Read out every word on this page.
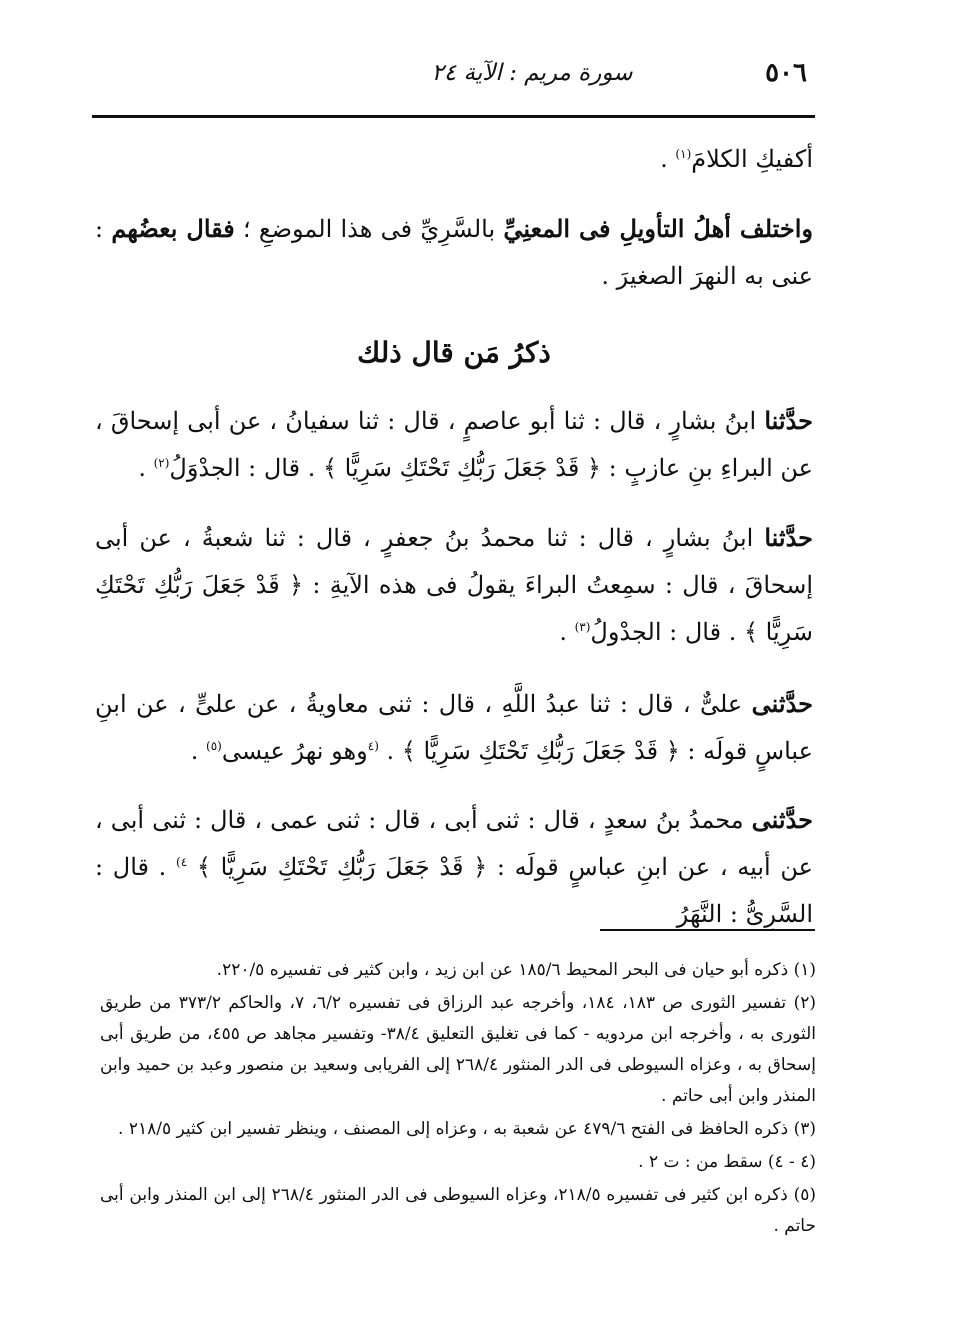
٥٠٦
سورة مريم : الآية ٢٤

أكفيكِ الكلامَ$^{(١)}$ .

واختلف أهلُ التأويلِ فى المعنِيِّ بالسَّرِيِّ فى هذا الموضعِ ؛ فقال بعضُهم : عنى به النهرَ الصغيرَ .

ذكرُ مَن قال ذلك

حدَّثنا ابنُ بشارٍ ، قال : ثنا أبو عاصمٍ ، قال : ثنا سفيانُ ، عن أبى إسحاقَ ، عن البراءِ بنِ عازبٍ : ﴿ قَدْ جَعَلَ رَبُّكِ تَحْتَكِ سَرِيًّا ﴾ . قال : الجدْوَلُ$^{(٢)}$ .

حدَّثنا ابنُ بشارٍ ، قال : ثنا محمدُ بنُ جعفرٍ ، قال : ثنا شعبةُ ، عن أبى إسحاقَ ، قال : سمِعتُ البراءَ يقولُ فى هذه الآيةِ : ﴿ قَدْ جَعَلَ رَبُّكِ تَحْتَكِ سَرِيًّا ﴾ . قال : الجدْولُ$^{(٣)}$ .

حدَّثنى علىٌّ ، قال : ثنا عبدُ اللَّهِ ، قال : ثنى معاويةُ ، عن علىٍّ ، عن ابنِ عباسٍ قولَه : ﴿ قَدْ جَعَلَ رَبُّكِ تَحْتَكِ سَرِيًّا ﴾ . $^{(٤}$وهو نهرُ عيسى$^{(٥)}$ .

حدَّثنى محمدُ بنُ سعدٍ ، قال : ثنى أبى ، قال : ثنى عمى ، قال : ثنى أبى ، عن أبيه ، عن ابنِ عباسٍ قولَه : ﴿ قَدْ جَعَلَ رَبُّكِ تَحْتَكِ سَرِيًّا ﴾ $^{٤)}$ . قال : السَّرِىُّ : النَّهَرُ

(١) ذكره أبو حيان فى البحر المحيط ١٨٥/٦ عن ابن زيد ، وابن كثير فى تفسيره ٢٢٠/٥.

(٢) تفسير الثورى ص ١٨٣، ١٨٤، وأخرجه عبد الرزاق فى تفسيره ٦/٢، ٧، والحاكم ٣٧٣/٢ من طريق الثورى به ، وأخرجه ابن مردويه - كما فى تغليق التعليق ٣٨/٤- وتفسير مجاهد ص ٤٥٥، من طريق أبى إسحاق به ، وعزاه السيوطى فى الدر المنثور ٢٦٨/٤ إلى الفريابى وسعيد بن منصور وعبد بن حميد وابن المنذر وابن أبى حاتم .

(٣) ذكره الحافظ فى الفتح ٤٧٩/٦ عن شعبة به ، وعزاه إلى المصنف ، وينظر تفسير ابن كثير ٢١٨/٥ .

(٤ - ٤) سقط من : ت ٢ .

(٥) ذكره ابن كثير فى تفسيره ٢١٨/٥، وعزاه السيوطى فى الدر المنثور ٢٦٨/٤ إلى ابن المنذر وابن أبى حاتم .
